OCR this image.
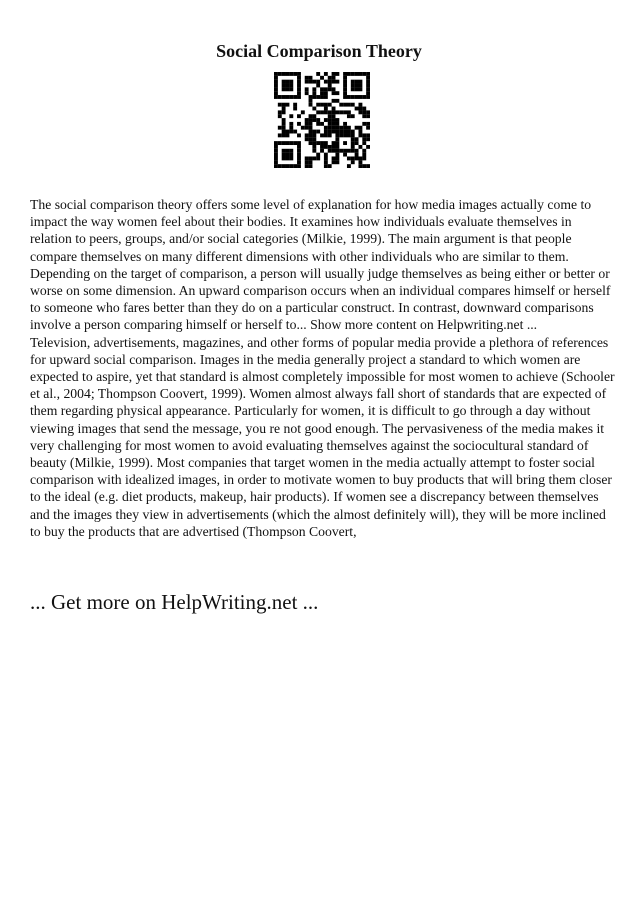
Social Comparison Theory

The social comparison theory offers some level of explanation for how media images actually come to impact the way women feel about their bodies. It examines how individuals evaluate themselves in relation to peers, groups, and/or social categories (Milkie, 1999). The main argument is that people compare themselves on many different dimensions with other individuals who are similar to them. Depending on the target of comparison, a person will usually judge themselves as being either or better or worse on some dimension. An upward comparison occurs when an individual compares himself or herself to someone who fares better than they do on a particular construct. In contrast, downward comparisons involve a person comparing himself or herself to... Show more content on Helpwriting.net ...

Television, advertisements, magazines, and other forms of popular media provide a plethora of references for upward social comparison. Images in the media generally project a standard to which women are expected to aspire, yet that standard is almost completely impossible for most women to achieve (Schooler et al., 2004; Thompson Coovert, 1999). Women almost always fall short of standards that are expected of them regarding physical appearance. Particularly for women, it is difficult to go through a day without viewing images that send the message, you re not good enough. The pervasiveness of the media makes it very challenging for most women to avoid evaluating themselves against the sociocultural standard of beauty (Milkie, 1999). Most companies that target women in the media actually attempt to foster social comparison with idealized images, in order to motivate women to buy products that will bring them closer to the ideal (e.g. diet products, makeup, hair products). If women see a discrepancy between themselves and the images they view in advertisements (which the almost definitely will), they will be more inclined to buy the products that are advertised (Thompson Coovert,

... Get more on HelpWriting.net ...
